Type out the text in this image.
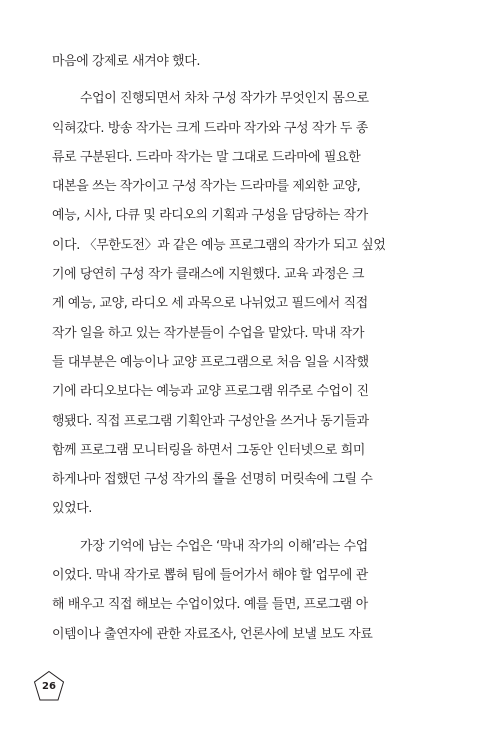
마음에 강제로 새겨야 했다.
수업이 진행되면서 차차 구성 작가가 무엇인지 몸으로
익혀갔다. 방송 작가는 크게 드라마 작가와 구성 작가 두 종
류로 구분된다. 드라마 작가는 말 그대로 드라마에 필요한
대본을 쓰는 작가이고 구성 작가는 드라마를 제외한 교양,
예능, 시사, 다큐 및 라디오의 기획과 구성을 담당하는 작가
이다. 〈무한도전〉과 같은 예능 프로그램의 작가가 되고 싶었
기에 당연히 구성 작가 클래스에 지원했다. 교육 과정은 크
게 예능, 교양, 라디오 세 과목으로 나뉘었고 필드에서 직접
작가 일을 하고 있는 작가분들이 수업을 맡았다. 막내 작가
들 대부분은 예능이나 교양 프로그램으로 처음 일을 시작했
기에 라디오보다는 예능과 교양 프로그램 위주로 수업이 진
행됐다. 직접 프로그램 기획안과 구성안을 쓰거나 동기들과
함께 프로그램 모니터링을 하면서 그동안 인터넷으로 희미
하게나마 접했던 구성 작가의 롤을 선명히 머릿속에 그릴 수
있었다.
가장 기억에 남는 수업은 ‘막내 작가의 이해’라는 수업
이었다. 막내 작가로 뽑혀 팀에 들어가서 해야 할 업무에 관
해 배우고 직접 해보는 수업이었다. 예를 들면, 프로그램 아
이템이나 출연자에 관한 자료조사, 언론사에 보낼 보도 자료
26
